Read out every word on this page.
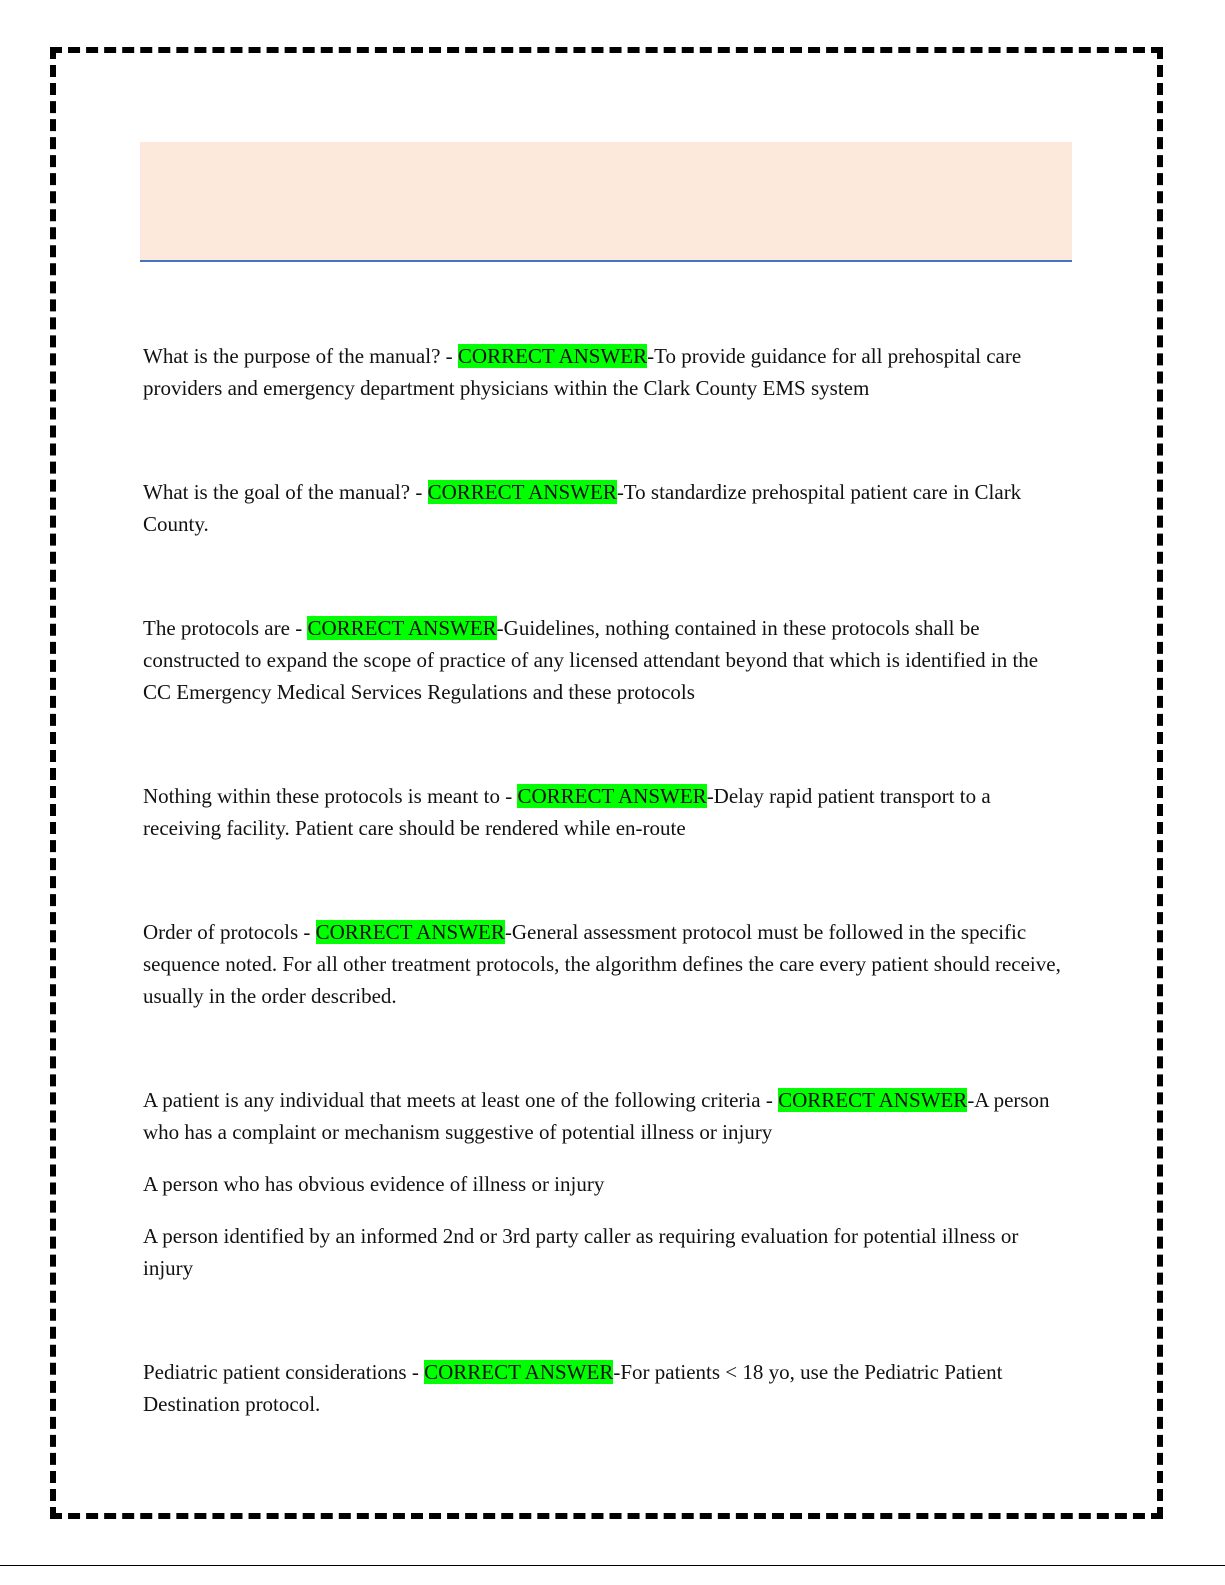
What is the purpose of the manual? - CORRECT ANSWER-To provide guidance for all prehospital care providers and emergency department physicians within the Clark County EMS system

What is the goal of the manual? - CORRECT ANSWER-To standardize prehospital patient care in Clark County.

The protocols are - CORRECT ANSWER-Guidelines, nothing contained in these protocols shall be constructed to expand the scope of practice of any licensed attendant beyond that which is identified in the CC Emergency Medical Services Regulations and these protocols

Nothing within these protocols is meant to - CORRECT ANSWER-Delay rapid patient transport to a receiving facility. Patient care should be rendered while en-route

Order of protocols - CORRECT ANSWER-General assessment protocol must be followed in the specific sequence noted. For all other treatment protocols, the algorithm defines the care every patient should receive, usually in the order described.

A patient is any individual that meets at least one of the following criteria - CORRECT ANSWER-A person who has a complaint or mechanism suggestive of potential illness or injury

A person who has obvious evidence of illness or injury

A person identified by an informed 2nd or 3rd party caller as requiring evaluation for potential illness or injury

Pediatric patient considerations - CORRECT ANSWER-For patients < 18 yo, use the Pediatric Patient Destination protocol.
